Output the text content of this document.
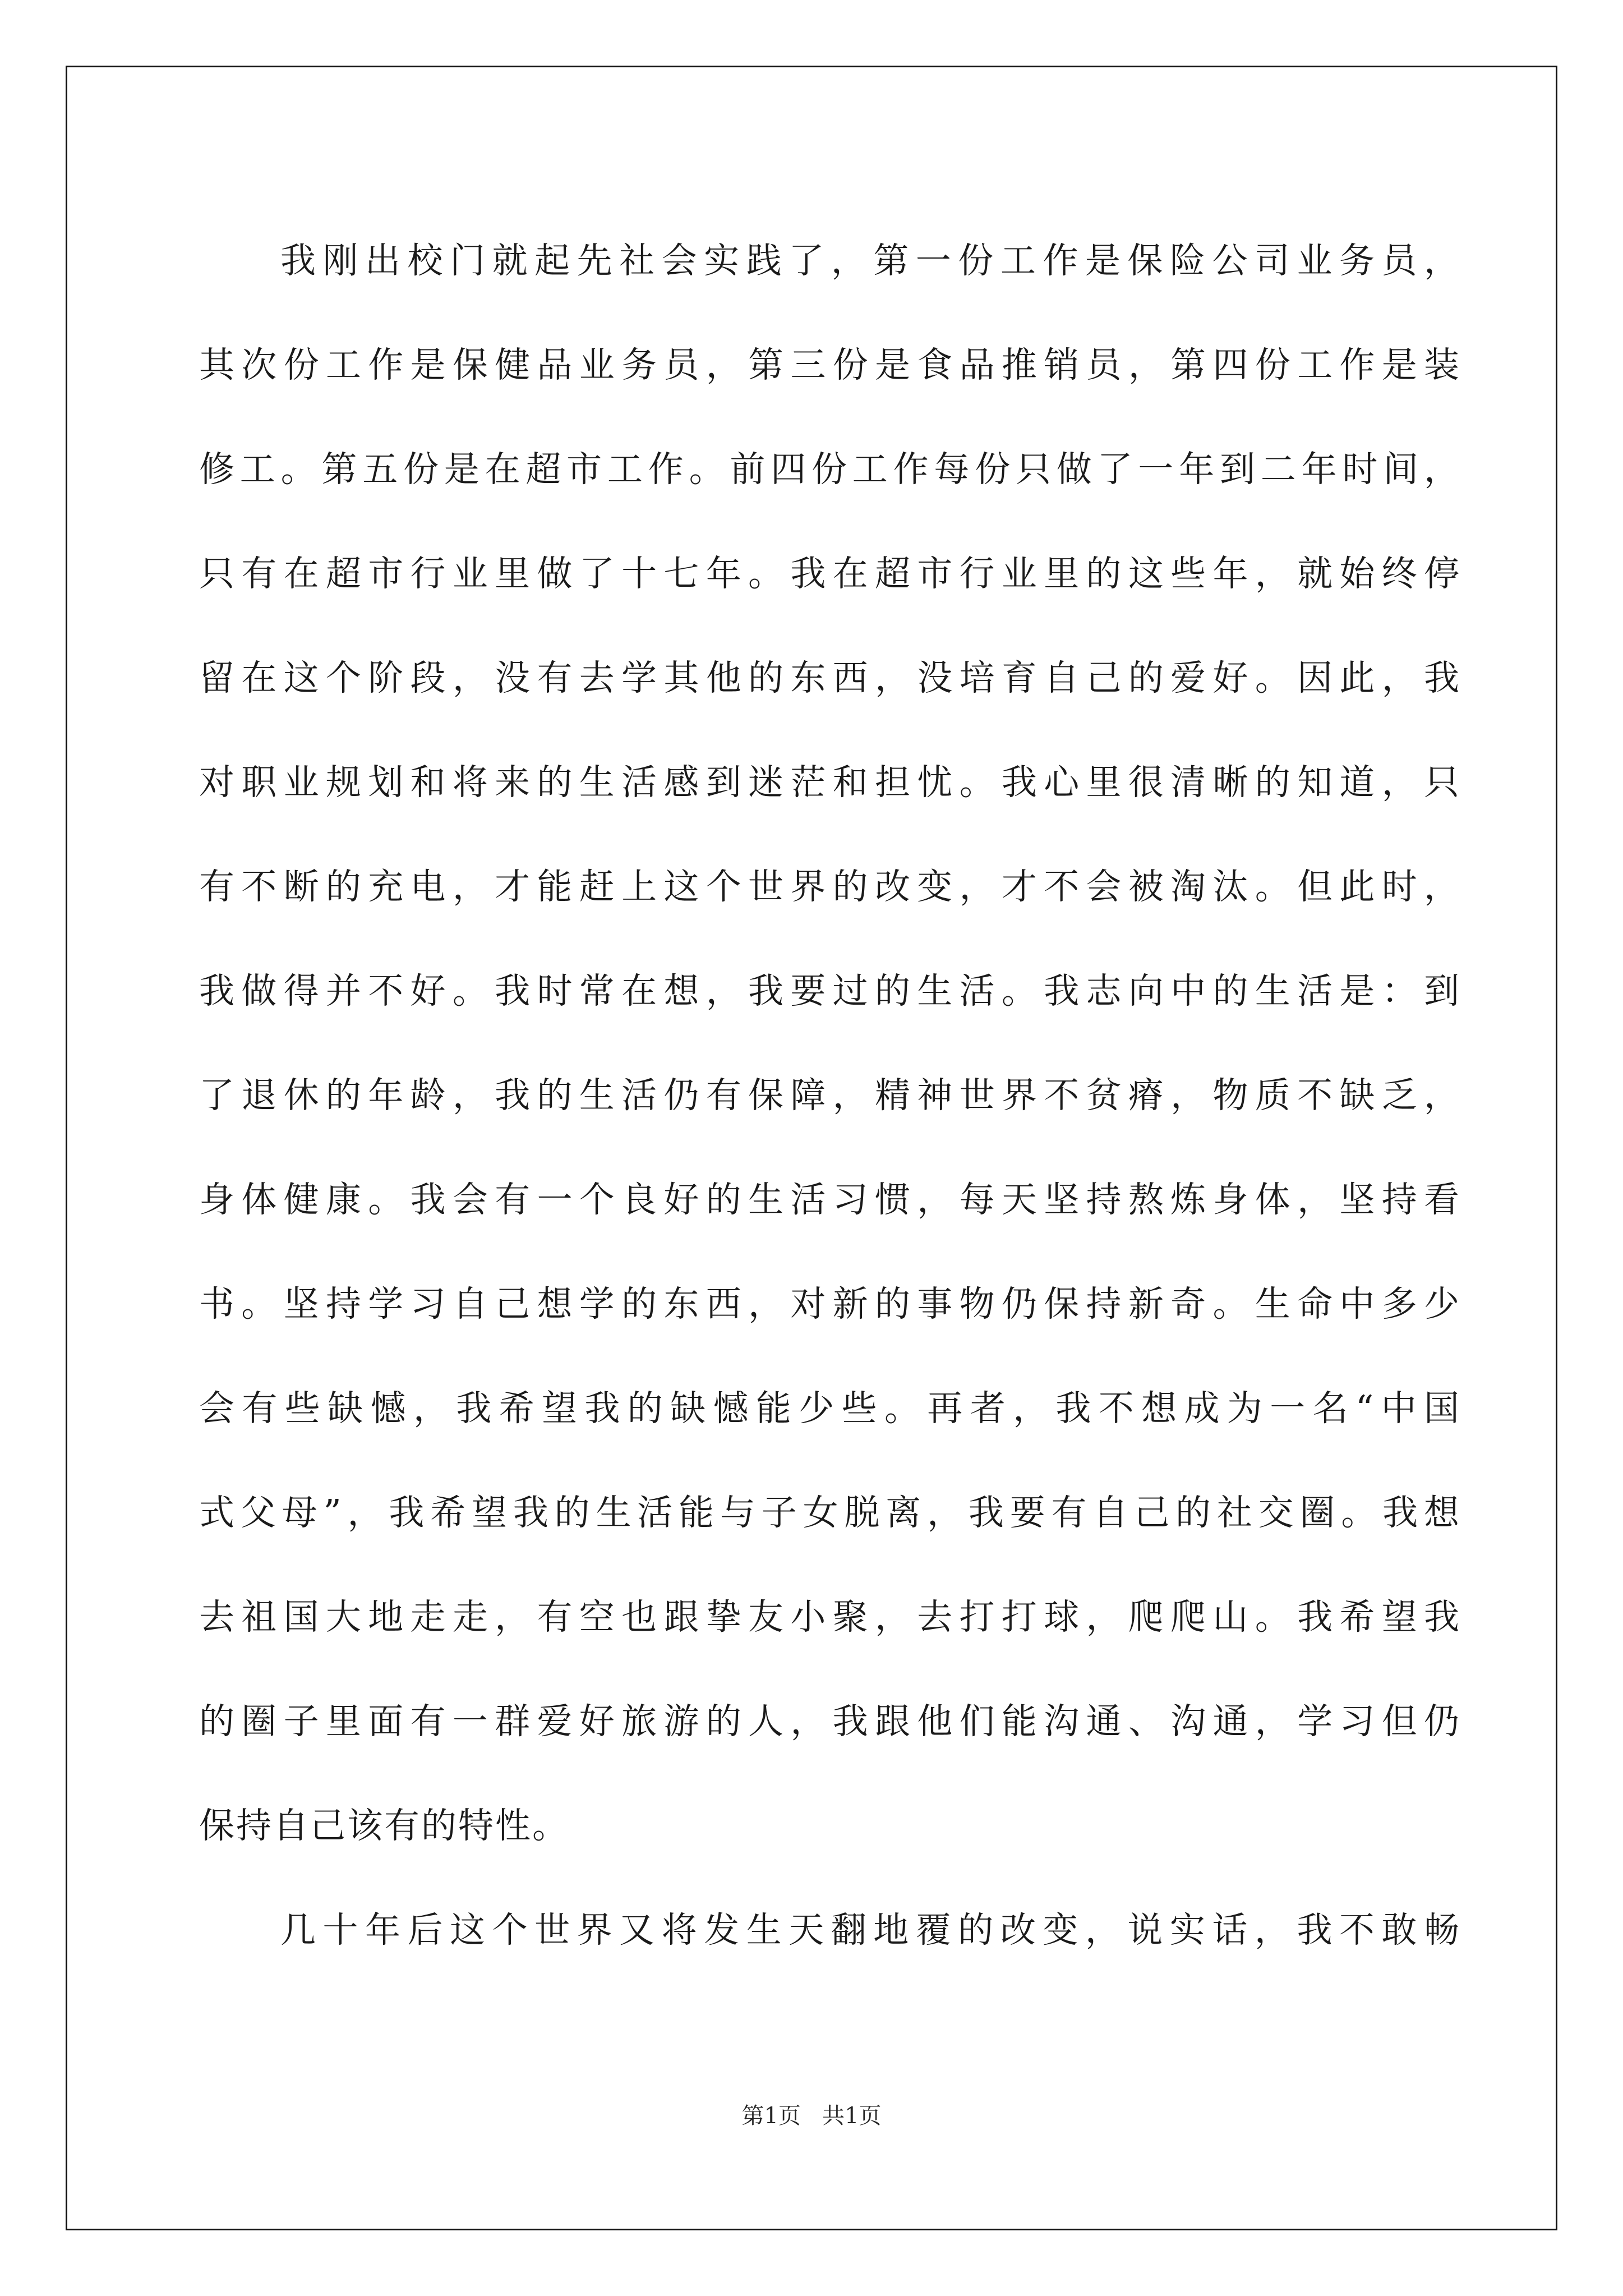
我刚出校门就起先社会实践了，第一份工作是保险公司业务员，
其次份工作是保健品业务员，第三份是食品推销员，第四份工作是装
修工。第五份是在超市工作。前四份工作每份只做了一年到二年时间，
只有在超市行业里做了十七年。我在超市行业里的这些年，就始终停
留在这个阶段，没有去学其他的东西，没培育自己的爱好。因此，我
对职业规划和将来的生活感到迷茫和担忧。我心里很清晰的知道，只
有不断的充电，才能赶上这个世界的改变，才不会被淘汰。但此时，
我做得并不好。我时常在想，我要过的生活。我志向中的生活是：到
了退休的年龄，我的生活仍有保障，精神世界不贫瘠，物质不缺乏，
身体健康。我会有一个良好的生活习惯，每天坚持熬炼身体，坚持看
书。坚持学习自己想学的东西，对新的事物仍保持新奇。生命中多少
会有些缺憾，我希望我的缺憾能少些。再者，我不想成为一名“中国
式父母”，我希望我的生活能与子女脱离，我要有自己的社交圈。我想
去祖国大地走走，有空也跟挚友小聚，去打打球，爬爬山。我希望我
的圈子里面有一群爱好旅游的人，我跟他们能沟通、沟通，学习但仍
保持自己该有的特性。
几十年后这个世界又将发生天翻地覆的改变，说实话，我不敢畅
第1页   共1页
